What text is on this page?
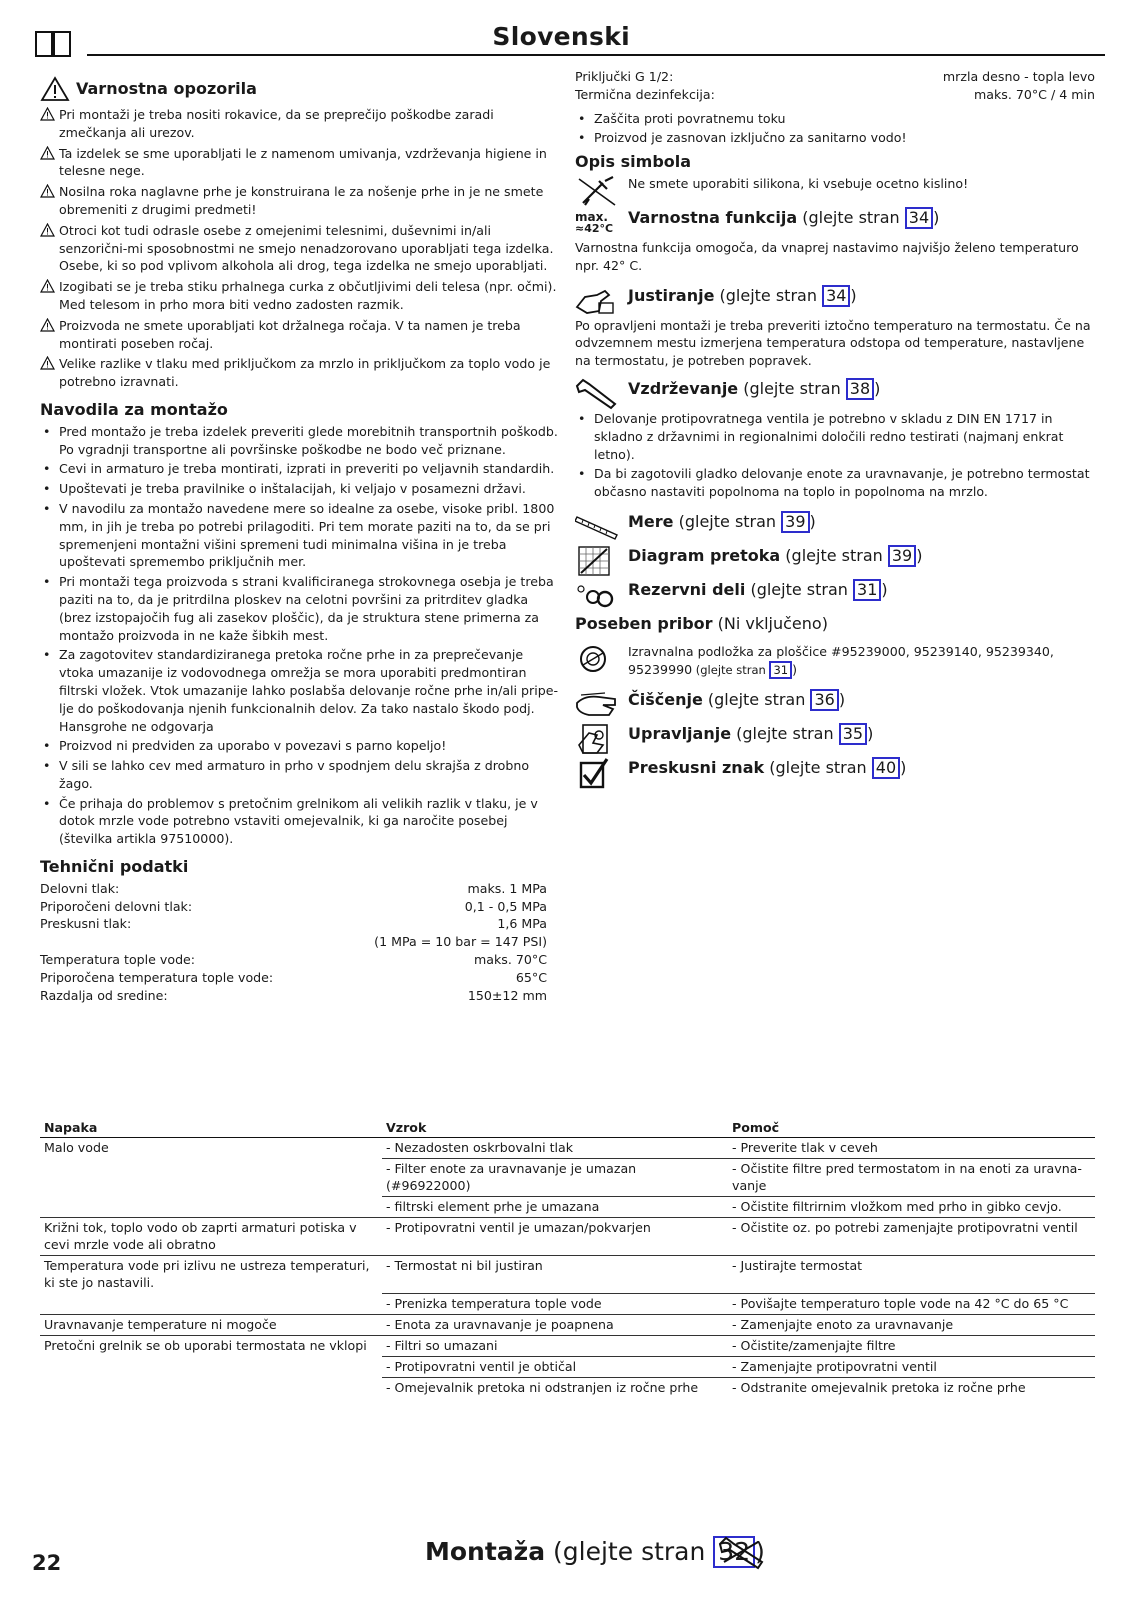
Slovenski
Varnostna opozorila
Pri montaži je treba nositi rokavice, da se preprečijo poškodbe zaradi zmečkanja ali urezov.
Ta izdelek se sme uporabljati le z namenom umivanja, vzdrževanja higiene in telesne nege.
Nosilna roka naglavne prhe je konstruirana le za nošenje prhe in je ne smete obremeniti z drugimi predmeti!
Otroci kot tudi odrasle osebe z omejenimi telesnimi, duševnimi in/ali senzorični-mi sposobnostmi ne smejo nenadzorovano uporabljati tega izdelka. Osebe, ki so pod vplivom alkohola ali drog, tega izdelka ne smejo uporabljati.
Izogibati se je treba stiku prhalnega curka z občutljivimi deli telesa (npr. očmi). Med telesom in prho mora biti vedno zadosten razmik.
Proizvoda ne smete uporabljati kot držalnega ročaja. V ta namen je treba montirati poseben ročaj.
Velike razlike v tlaku med priključkom za mrzlo in priključkom za toplo vodo je potrebno izravnati.
Navodila za montažo
• Pred montažo je treba izdelek preveriti glede morebitnih transportnih poškodb. Po vgradnji transportne ali površinske poškodbe ne bodo več priznane.
• Cevi in armaturo je treba montirati, izprati in preveriti po veljavnih standardih.
• Upoštevati je treba pravilnike o inštalacijah, ki veljajo v posamezni državi.
• V navodilu za montažo navedene mere so idealne za osebe, visoke pribl. 1800 mm, in jih je treba po potrebi prilagoditi. Pri tem morate paziti na to, da se pri spremenjeni montažni višini spremeni tudi minimalna višina in je treba upoštevati spremembo priključnih mer.
• Pri montaži tega proizvoda s strani kvalificiranega strokovnega osebja je treba paziti na to, da je pritrdilna ploskev na celotni površini za pritrditev gladka (brez izstopajočih fug ali zasekov ploščic), da je struktura stene primerna za montažo proizvoda in ne kaže šibkih mest.
• Za zagotovitev standardiziranega pretoka ročne prhe in za preprečevanje vtoka umazanije iz vodovodnega omrežja se mora uporabiti predmontiran filtrski vložek. Vtok umazanije lahko poslabša delovanje ročne prhe in/ali pripe-lje do poškodovanja njenih funkcionalnih delov. Za tako nastalo škodo podj. Hansgrohe ne odgovarja
• Proizvod ni predviden za uporabo v povezavi s parno kopeljo!
• V sili se lahko cev med armaturo in prho v spodnjem delu skrajša z drobno žago.
• Če prihaja do problemov s pretočnim grelnikom ali velikih razlik v tlaku, je v dotok mrzle vode potrebno vstaviti omejevalnik, ki ga naročite posebej (številka artikla 97510000).
Tehnični podatki
Delovni tlak:	maks. 1 MPa
Priporočeni delovni tlak:	0,1 - 0,5 MPa
Preskusni tlak:	1,6 MPa
(1 MPa = 10 bar = 147 PSI)
Temperatura tople vode:	maks. 70°C
Priporočena temperatura tople vode:	65°C
Razdalja od sredine:	150±12 mm
Priključki G 1/2:	mrzla desno - topla levo
Termična dezinfekcija:	maks. 70°C / 4 min
• Zaščita proti povratnemu toku
• Proizvod je zasnovan izključno za sanitarno vodo!
Opis simbola
Ne smete uporabiti silikona, ki vsebuje ocetno kislino!
max.
≈42°C
Varnostna funkcija (glejte stran 34 )
Varnostna funkcija omogoča, da vnaprej nastavimo najvišjo želeno temperaturo npr. 42° C.
Justiranje (glejte stran 34 )
Po opravljeni montaži je treba preveriti iztočno temperaturo na termostatu. Če na odvzemnem mestu izmerjena temperatura odstopa od temperature, nastavljene na termostatu, je potreben popravek.
Vzdrževanje (glejte stran 38 )
• Delovanje protipovratnega ventila je potrebno v skladu z DIN EN 1717 in skladno z državnimi in regionalnimi določili redno testirati (najmanj enkrat letno).
• Da bi zagotovili gladko delovanje enote za uravnavanje, je potrebno termostat občasno nastaviti popolnoma na toplo in popolnoma na mrzlo.
Mere (glejte stran 39 )
Diagram pretoka (glejte stran 39 )
Rezervni deli (glejte stran 31 )
Poseben pribor (Ni vključeno)
Izravnalna podložka za ploščice #95239000, 95239140, 95239340, 95239990 (glejte stran 31 )
Čiščenje (glejte stran 36 )
Upravljanje (glejte stran 35 )
Preskusni znak (glejte stran 40 )
Napaka	Vzrok	Pomoč
Malo vode	- Nezadosten oskrbovalni tlak	- Preverite tlak v ceveh
	- Filter enote za uravnavanje je umazan (#96922000)	- Očistite filtre pred termostatom in na enoti za uravna-vanje
	- filtrski element prhe je umazana	- Očistite filtrirnim vložkom med prho in gibko cevjo.
Križni tok, toplo vodo ob zaprti armaturi potiska v cevi mrzle vode ali obratno	- Protipovratni ventil je umazan/pokvarjen	- Očistite oz. po potrebi zamenjajte protipovratni ventil
Temperatura vode pri izlivu ne ustreza temperaturi, ki ste jo nastavili.	- Termostat ni bil justiran	- Justirajte termostat
	- Prenizka temperatura tople vode	- Povišajte temperaturo tople vode na 42 °C do 65 °C
Uravnavanje temperature ni mogoče	- Enota za uravnavanje je poapnena	- Zamenjajte enoto za uravnavanje
Pretočni grelnik se ob uporabi termostata ne vklopi	- Filtri so umazani	- Očistite/zamenjajte filtre
	- Protipovratni ventil je obtičal	- Zamenjajte protipovratni ventil
	- Omejevalnik pretoka ni odstranjen iz ročne prhe	- Odstranite omejevalnik pretoka iz ročne prhe
22	Montaža (glejte stran 32 )
